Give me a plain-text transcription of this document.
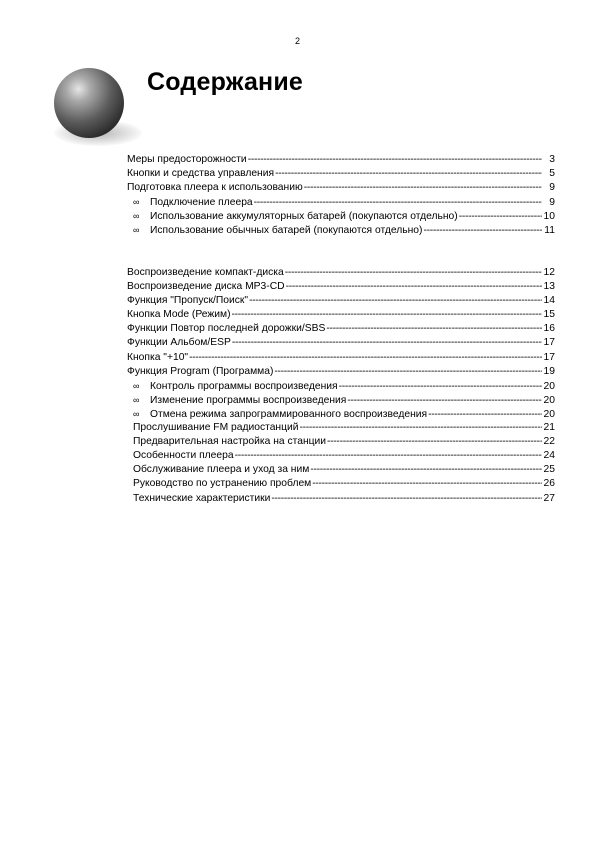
2
Содержание
Меры предосторожности -----	3
Кнопки и средства управления -----	5
Подготовка плеера к использованию -----	9
∞	Подключение плеера -----	9
∞	Использование аккумуляторных батарей (покупаются отдельно) -----	10
∞	Использование обычных батарей (покупаются отдельно) -----	11
Воспроизведение компакт-диска -----	12
Воспроизведение диска MP3-CD -----	13
Функция "Пропуск/Поиск" -----	14
Кнопка Mode (Режим) -----	15
Функции Повтор последней дорожки/SBS -----	16
Функции Альбом/ESP -----	17
Кнопка "+10" -----	17
Функция Program (Программа) -----	19
∞	Контроль программы воспроизведения -----	20
∞	Изменение программы воспроизведения -----	20
∞	Отмена режима запрограммированного воспроизведения -----	20
Прослушивание FM радиостанций -----	21
Предварительная настройка на станции -----	22
Особенности плеера -----	24
Обслуживание плеера и уход за ним -----	25
Руководство по устранению проблем -----	26
Технические характеристики -----	27
